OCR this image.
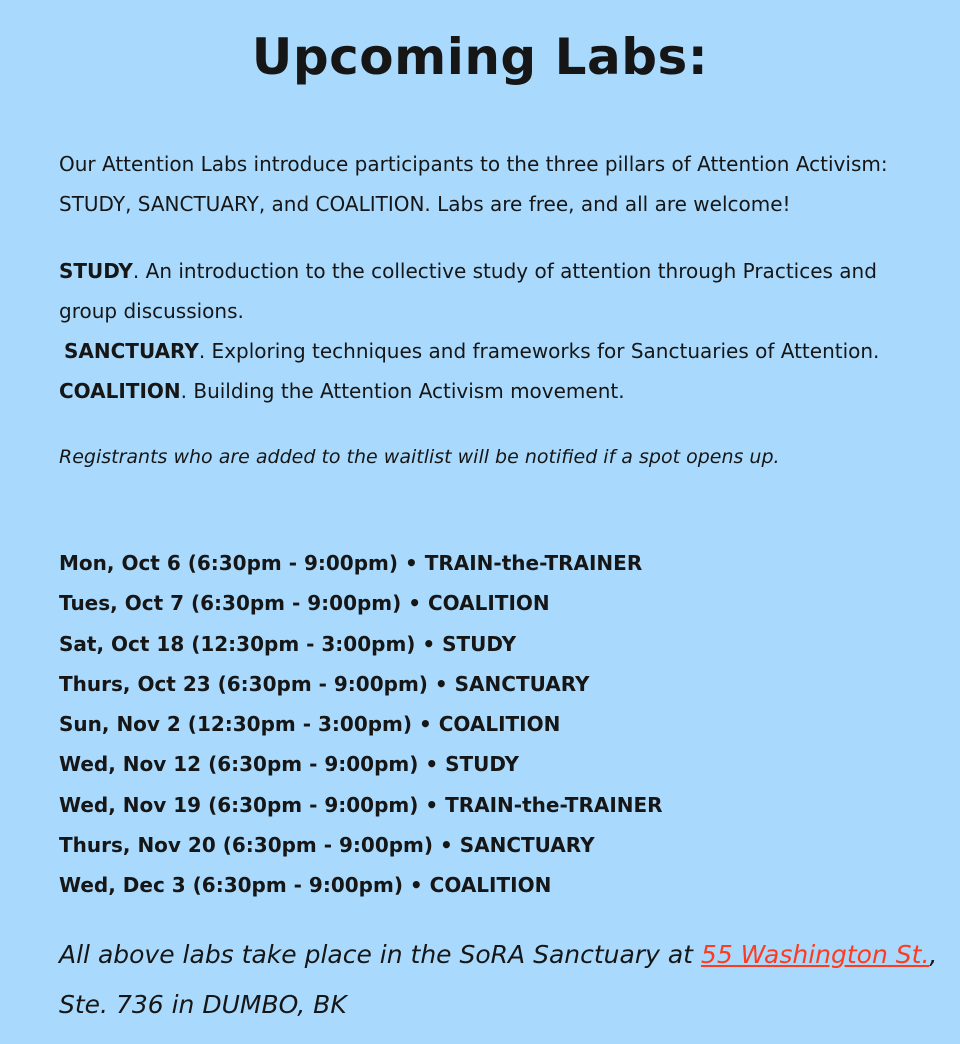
Upcoming Labs:

Our Attention Labs introduce participants to the three pillars of Attention Activism: STUDY, SANCTUARY, and COALITION. Labs are free, and all are welcome!

STUDY. An introduction to the collective study of attention through Practices and group discussions.
SANCTUARY. Exploring techniques and frameworks for Sanctuaries of Attention.
COALITION. Building the Attention Activism movement.

Registrants who are added to the waitlist will be notified if a spot opens up.

Mon, Oct 6 (6:30pm - 9:00pm) • TRAIN-the-TRAINER
Tues, Oct 7 (6:30pm - 9:00pm) • COALITION
Sat, Oct 18 (12:30pm - 3:00pm) • STUDY
Thurs, Oct 23 (6:30pm - 9:00pm) • SANCTUARY
Sun, Nov 2 (12:30pm - 3:00pm) • COALITION
Wed, Nov 12 (6:30pm - 9:00pm) • STUDY
Wed, Nov 19 (6:30pm - 9:00pm) • TRAIN-the-TRAINER
Thurs, Nov 20 (6:30pm - 9:00pm) • SANCTUARY
Wed, Dec 3 (6:30pm - 9:00pm) • COALITION

All above labs take place in the SoRA Sanctuary at 55 Washington St., Ste. 736 in DUMBO, BK
